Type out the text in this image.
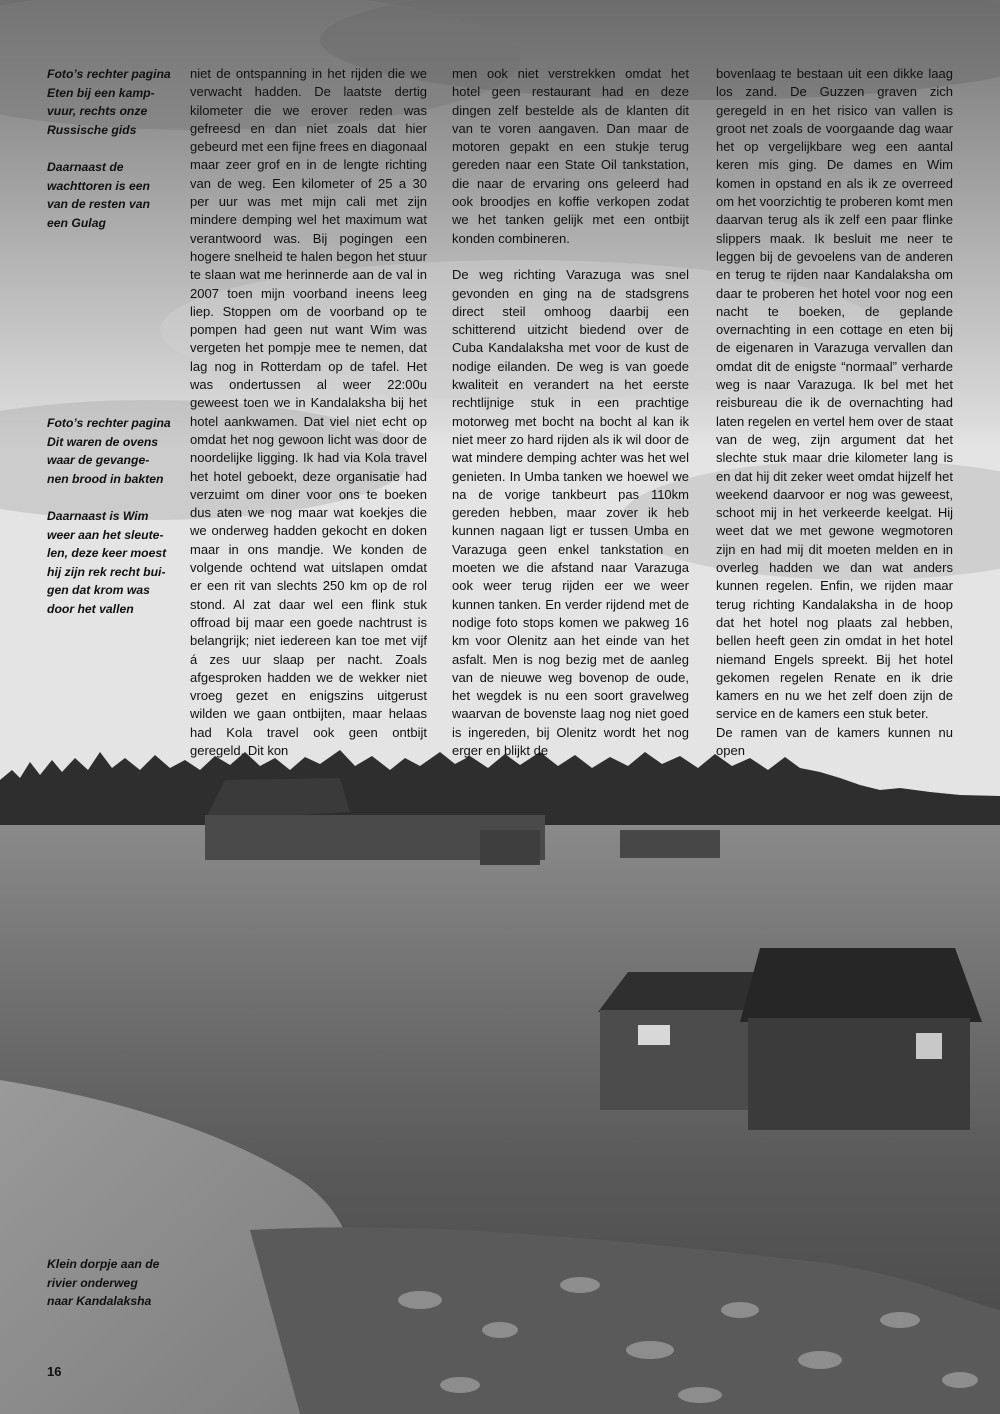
Foto’s rechter pagina
Eten bij een kamp-
vuur, rechts onze
Russische gids

Daarnaast de
wachttoren is een
van de resten van
een Gulag

Foto’s rechter pagina
Dit waren de ovens
waar de gevange-
nen brood in bakten

Daarnaast is Wim
weer aan het sleute-
len, deze keer moest
hij zijn rek recht bui-
gen dat krom was
door het vallen

Klein dorpje aan de
rivier onderweg
naar Kandalaksha

niet de ontspanning in het rijden die we verwacht hadden. De laatste dertig kilometer die we erover reden was gefreesd en dan niet zoals dat hier gebeurd met een fijne frees en diagonaal maar zeer grof en in de lengte richting van de weg. Een kilometer of 25 a 30 per uur was met mijn cali met zijn mindere demping wel het maximum wat verantwoord was. Bij pogingen een hogere snelheid te halen begon het stuur te slaan wat me herinnerde aan de val in 2007 toen mijn voorband ineens leeg liep. Stoppen om de voorband op te pompen had geen nut want Wim was vergeten het pompje mee te nemen, dat lag nog in Rotterdam op de tafel. Het was ondertussen al weer 22:00u geweest toen we in Kandalaksha bij het hotel aankwamen. Dat viel niet echt op omdat het nog gewoon licht was door de noordelijke ligging. Ik had via Kola travel het hotel geboekt, deze organisatie had verzuimt om diner voor ons te boeken dus aten we nog maar wat koekjes die we onderweg hadden gekocht en doken maar in ons mandje. We konden de volgende ochtend wat uitslapen omdat er een rit van slechts 250 km op de rol stond. Al zat daar wel een flink stuk offroad bij maar een goede nachtrust is belangrijk; niet iedereen kan toe met vijf á zes uur slaap per nacht. Zoals afgesproken hadden we de wekker niet vroeg gezet en enigszins uitgerust wilden we gaan ontbijten, maar helaas had Kola travel ook geen ontbijt geregeld. Dit kon

men ook niet verstrekken omdat het hotel geen restaurant had en deze dingen zelf bestelde als de klanten dit van te voren aangaven. Dan maar de motoren gepakt en een stukje terug gereden naar een State Oil tankstation, die naar de ervaring ons geleerd had ook broodjes en koffie verkopen zodat we het tanken gelijk met een ontbijt konden combineren.

De weg richting Varazuga was snel gevonden en ging na de stadsgrens direct steil omhoog daarbij een schitterend uitzicht biedend over de Cuba Kandalaksha met voor de kust de nodige eilanden. De weg is van goede kwaliteit en verandert na het eerste rechtlijnige stuk in een prachtige motorweg met bocht na bocht al kan ik niet meer zo hard rijden als ik wil door de wat mindere demping achter was het wel genieten. In Umba tanken we hoewel we na de vorige tankbeurt pas 110km gereden hebben, maar zover ik heb kunnen nagaan ligt er tussen Umba en Varazuga geen enkel tankstation en moeten we die afstand naar Varazuga ook weer terug rijden eer we weer kunnen tanken. En verder rijdend met de nodige foto stops komen we pakweg 16 km voor Olenitz aan het einde van het asfalt. Men is nog bezig met de aanleg van de nieuwe weg bovenop de oude, het wegdek is nu een soort gravelweg waarvan de bovenste laag nog niet goed is ingereden, bij Olenitz wordt het nog erger en blijkt de

bovenlaag te bestaan uit een dikke laag los zand. De Guzzen graven zich geregeld in en het risico van vallen is groot net zoals de voorgaande dag waar het op vergelijkbare weg een aantal keren mis ging. De dames en Wim komen in opstand en als ik ze overreed om het voorzichtig te proberen komt men daarvan terug als ik zelf een paar flinke slippers maak. Ik besluit me neer te leggen bij de gevoelens van de anderen en terug te rijden naar Kandalaksha om daar te proberen het hotel voor nog een nacht te boeken, de geplande overnachting in een cottage en eten bij de eigenaren in Varazuga vervallen dan omdat dit de enigste “normaal” verharde weg is naar Varazuga. Ik bel met het reisbureau die ik de overnachting had laten regelen en vertel hem over de staat van de weg, zijn argument dat het slechte stuk maar drie kilometer lang is en dat hij dit zeker weet omdat hijzelf het weekend daarvoor er nog was geweest, schoot mij in het verkeerde keelgat. Hij weet dat we met gewone wegmotoren zijn en had mij dit moeten melden en in overleg hadden we dan wat anders kunnen regelen. Enfin, we rijden maar terug richting Kandalaksha in de hoop dat het hotel nog plaats zal hebben, bellen heeft geen zin omdat in het hotel niemand Engels spreekt. Bij het hotel gekomen regelen Renate en ik drie kamers en nu we het zelf doen zijn de service en de kamers een stuk beter.
De ramen van de kamers kunnen nu open

16
